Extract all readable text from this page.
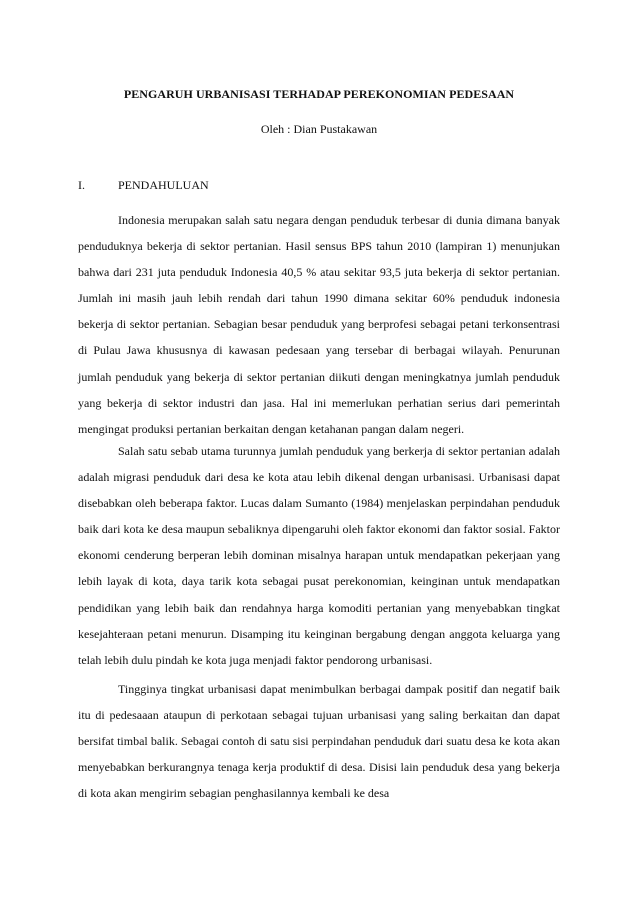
PENGARUH URBANISASI TERHADAP PEREKONOMIAN PEDESAAN
Oleh : Dian Pustakawan
I.	PENDAHULUAN

Indonesia merupakan salah satu negara dengan penduduk terbesar di dunia dimana banyak penduduknya bekerja di sektor pertanian. Hasil sensus BPS tahun 2010 (lampiran 1) menunjukan bahwa dari 231 juta penduduk Indonesia 40,5 % atau sekitar 93,5 juta bekerja di sektor pertanian. Jumlah ini masih jauh lebih rendah dari tahun 1990 dimana sekitar 60% penduduk indonesia bekerja di sektor pertanian. Sebagian besar penduduk yang berprofesi sebagai petani terkonsentrasi di Pulau Jawa khususnya di kawasan pedesaan yang tersebar di berbagai wilayah. Penurunan jumlah penduduk yang bekerja di sektor pertanian diikuti dengan meningkatnya jumlah penduduk yang bekerja di sektor industri dan jasa. Hal ini memerlukan perhatian serius dari pemerintah mengingat produksi pertanian berkaitan dengan ketahanan pangan dalam negeri.

Salah satu sebab utama turunnya jumlah penduduk yang berkerja di sektor pertanian adalah adalah migrasi penduduk dari desa ke kota atau lebih dikenal dengan urbanisasi. Urbanisasi dapat disebabkan oleh beberapa faktor. Lucas dalam Sumanto (1984) menjelaskan perpindahan penduduk baik dari kota ke desa maupun sebaliknya dipengaruhi oleh faktor ekonomi dan faktor sosial. Faktor ekonomi cenderung berperan lebih dominan misalnya harapan untuk mendapatkan pekerjaan yang lebih layak di kota, daya tarik kota sebagai pusat perekonomian, keinginan untuk mendapatkan pendidikan yang lebih baik dan rendahnya harga komoditi pertanian yang menyebabkan tingkat kesejahteraan petani menurun. Disamping itu keinginan bergabung dengan anggota keluarga yang telah lebih dulu pindah ke kota juga menjadi faktor pendorong urbanisasi.

Tingginya tingkat urbanisasi dapat menimbulkan berbagai dampak positif dan negatif baik itu di pedesaaan ataupun di perkotaan sebagai tujuan urbanisasi yang saling berkaitan dan dapat bersifat timbal balik. Sebagai contoh di satu sisi perpindahan penduduk dari suatu desa ke kota akan menyebabkan berkurangnya tenaga kerja produktif di desa. Disisi lain penduduk desa yang bekerja di kota akan mengirim sebagian penghasilannya kembali ke desa
